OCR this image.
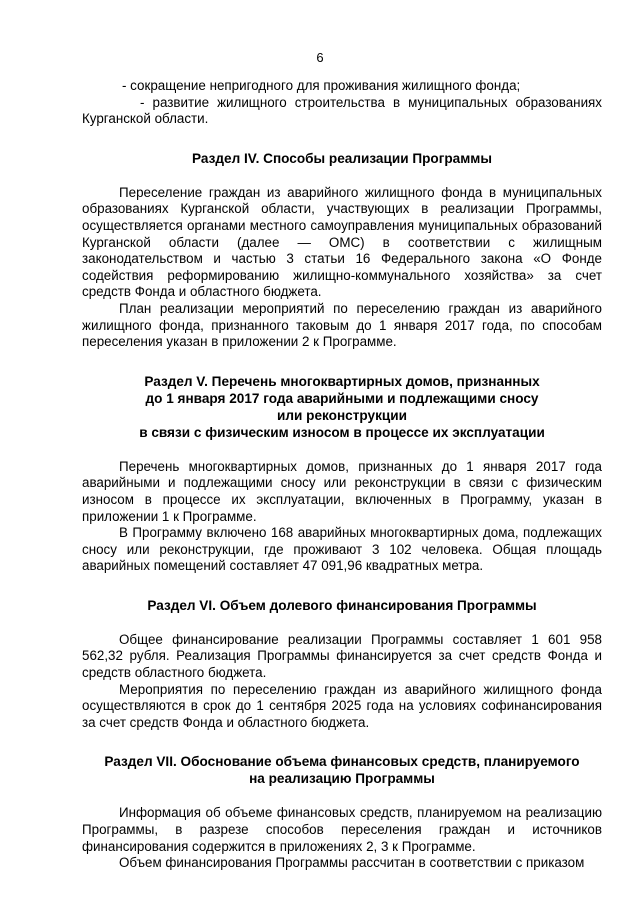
6

- сокращение непригодного для проживания жилищного фонда;

- развитие жилищного строительства в муниципальных образованиях Курганской области.

Раздел IV. Способы реализации Программы

Переселение граждан из аварийного жилищного фонда в муниципальных образованиях Курганской области, участвующих в реализации Программы, осуществляется органами местного самоуправления муниципальных образований Курганской области (далее — ОМС) в соответствии с жилищным законодательством и частью 3 статьи 16 Федерального закона «О Фонде содействия реформированию жилищно-коммунального хозяйства» за счет средств Фонда и областного бюджета.

План реализации мероприятий по переселению граждан из аварийного жилищного фонда, признанного таковым до 1 января 2017 года, по способам переселения указан в приложении 2 к Программе.

Раздел V. Перечень многоквартирных домов, признанных
до 1 января 2017 года аварийными и подлежащими сносу
или реконструкции
в связи с физическим износом в процессе их эксплуатации

Перечень многоквартирных домов, признанных до 1 января 2017 года аварийными и подлежащими сносу или реконструкции в связи с физическим износом в процессе их эксплуатации, включенных в Программу, указан в приложении 1 к Программе.

В Программу включено 168 аварийных многоквартирных дома, подлежащих сносу или реконструкции, где проживают 3 102 человека. Общая площадь аварийных помещений составляет 47 091,96 квадратных метра.

Раздел VI. Объем долевого финансирования Программы

Общее финансирование реализации Программы составляет 1 601 958 562,32 рубля. Реализация Программы финансируется за счет средств Фонда и средств областного бюджета.

Мероприятия по переселению граждан из аварийного жилищного фонда осуществляются в срок до 1 сентября 2025 года на условиях софинансирования за счет средств Фонда и областного бюджета.

Раздел VII. Обоснование объема финансовых средств, планируемого
на реализацию Программы

Информация об объеме финансовых средств, планируемом на реализацию Программы, в разрезе способов переселения граждан и источников финансирования содержится в приложениях 2, 3 к Программе.

Объем финансирования Программы рассчитан в соответствии с приказом
